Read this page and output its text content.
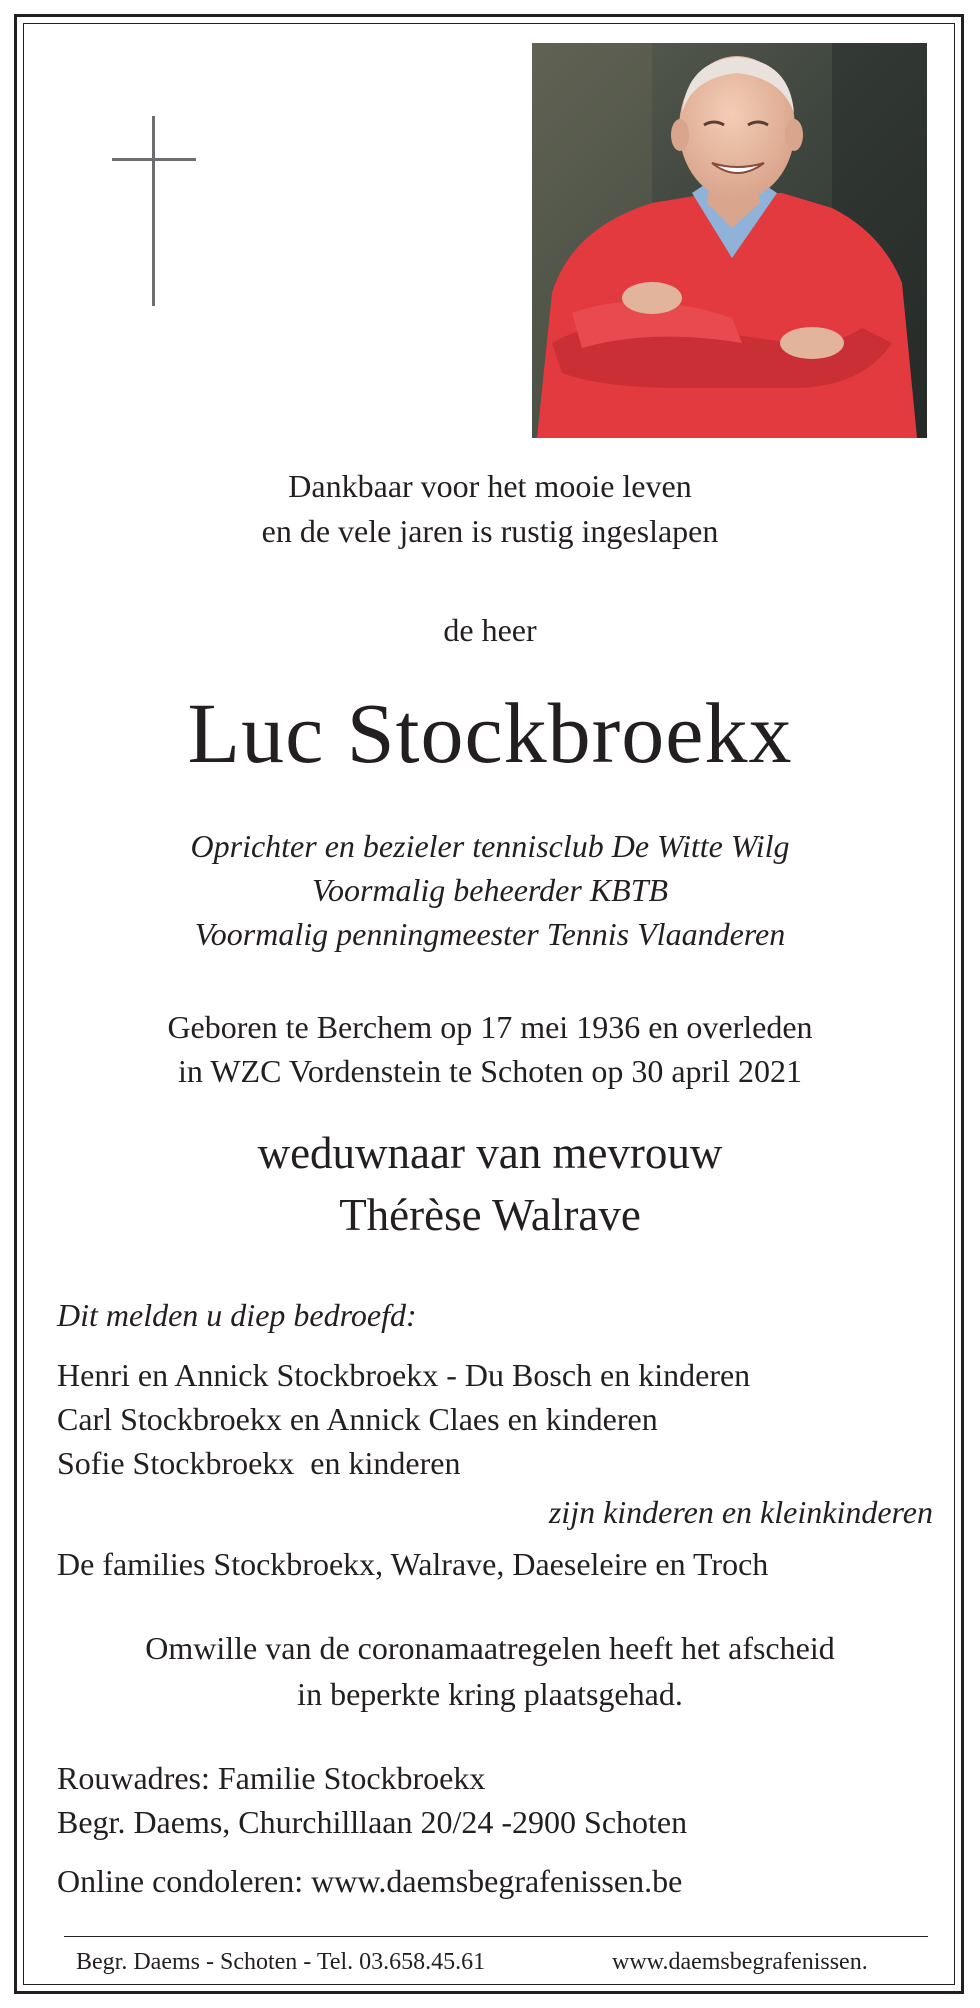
Dankbaar voor het mooie leven
en de vele jaren is rustig ingeslapen
de heer
Luc Stockbroekx
Oprichter en bezieler tennisclub De Witte Wilg
Voormalig beheerder KBTB
Voormalig penningmeester Tennis Vlaanderen
Geboren te Berchem op 17 mei 1936 en overleden
in WZC Vordenstein te Schoten op 30 april 2021
weduwnaar van mevrouw
Thérèse Walrave
Dit melden u diep bedroefd:
Henri en Annick Stockbroekx - Du Bosch en kinderen
Carl Stockbroekx en Annick Claes en kinderen
Sofie Stockbroekx  en kinderen
zijn kinderen en kleinkinderen
De families Stockbroekx, Walrave, Daeseleire en Troch
Omwille van de coronamaatregelen heeft het afscheid
in beperkte kring plaatsgehad.
Rouwadres: Familie Stockbroekx
Begr. Daems, Churchilllaan 20/24 -2900 Schoten
Online condoleren: www.daemsbegrafenissen.be
Begr. Daems - Schoten - Tel. 03.658.45.61	www.daemsbegrafenissen.
